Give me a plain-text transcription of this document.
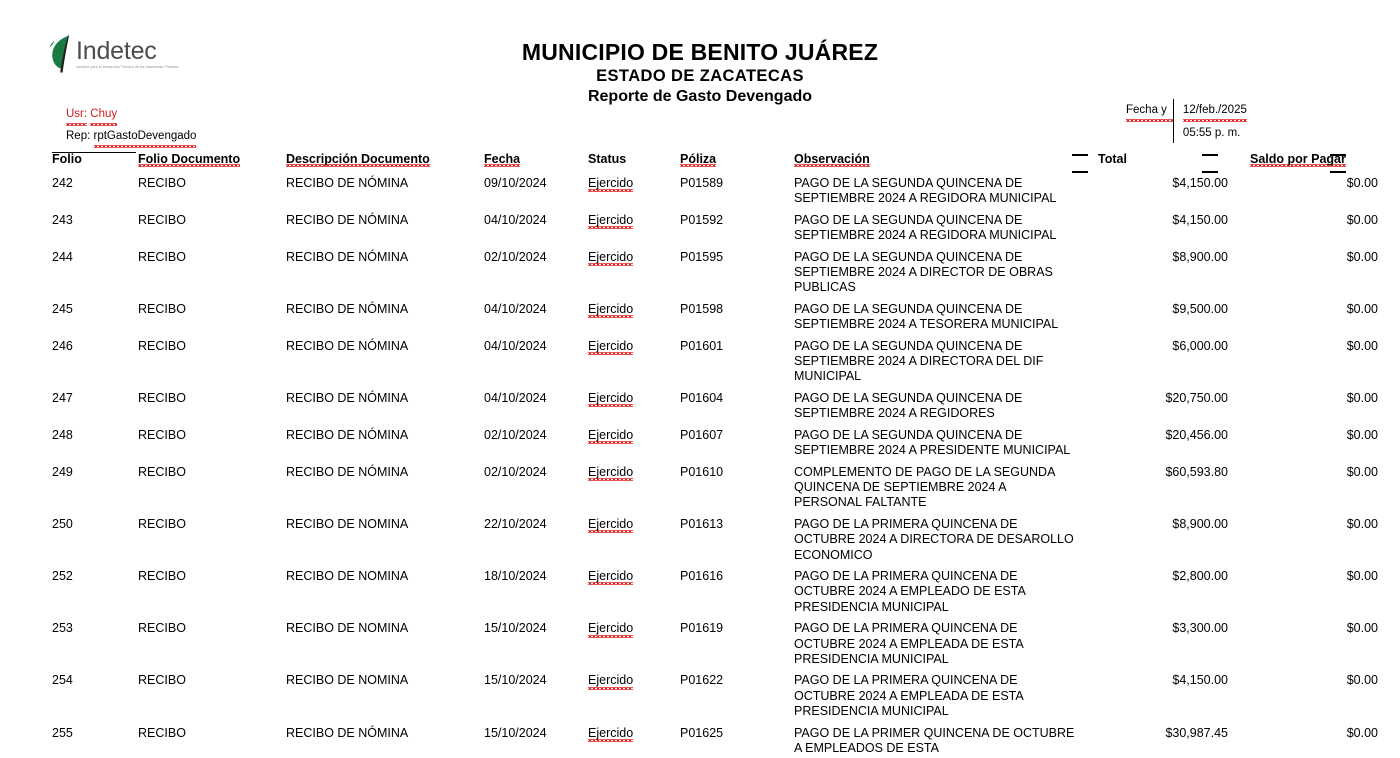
Indetec
Instituto para el Desarrollo Técnico de las Haciendas Públicas
Usr: Chuy
Rep: rptGastoDevengado
MUNICIPIO DE BENITO JUÁREZ
ESTADO DE ZACATECAS
Reporte de Gasto Devengado
Fecha y	12/feb./2025
05:55 p. m.
Folio	Folio Documento	Descripción Documento	Fecha	Status	Póliza	Observación		Total		Saldo por Pagar
242	RECIBO	RECIBO DE NÓMINA	09/10/2024	Ejercido	P01589	PAGO DE LA SEGUNDA QUINCENA DE SEPTIEMBRE 2024 A REGIDORA MUNICIPAL		$4,150.00		$0.00
243	RECIBO	RECIBO DE NÓMINA	04/10/2024	Ejercido	P01592	PAGO DE LA SEGUNDA QUINCENA DE SEPTIEMBRE 2024 A REGIDORA MUNICIPAL		$4,150.00		$0.00
244	RECIBO	RECIBO DE NÓMINA	02/10/2024	Ejercido	P01595	PAGO DE LA SEGUNDA QUINCENA DE SEPTIEMBRE 2024 A DIRECTOR DE OBRAS PUBLICAS		$8,900.00		$0.00
245	RECIBO	RECIBO DE NÓMINA	04/10/2024	Ejercido	P01598	PAGO DE LA SEGUNDA QUINCENA DE SEPTIEMBRE 2024 A TESORERA MUNICIPAL		$9,500.00		$0.00
246	RECIBO	RECIBO DE NÓMINA	04/10/2024	Ejercido	P01601	PAGO DE LA SEGUNDA QUINCENA DE SEPTIEMBRE 2024 A DIRECTORA DEL DIF MUNICIPAL		$6,000.00		$0.00
247	RECIBO	RECIBO DE NÓMINA	04/10/2024	Ejercido	P01604	PAGO DE LA SEGUNDA QUINCENA DE SEPTIEMBRE 2024 A REGIDORES		$20,750.00		$0.00
248	RECIBO	RECIBO DE NÓMINA	02/10/2024	Ejercido	P01607	PAGO DE LA SEGUNDA QUINCENA DE SEPTIEMBRE 2024 A PRESIDENTE MUNICIPAL		$20,456.00		$0.00
249	RECIBO	RECIBO DE NÓMINA	02/10/2024	Ejercido	P01610	COMPLEMENTO DE PAGO DE LA SEGUNDA QUINCENA DE SEPTIEMBRE 2024 A PERSONAL FALTANTE		$60,593.80		$0.00
250	RECIBO	RECIBO DE NOMINA	22/10/2024	Ejercido	P01613	PAGO DE LA PRIMERA QUINCENA DE OCTUBRE 2024 A DIRECTORA DE DESAROLLO ECONOMICO		$8,900.00		$0.00
252	RECIBO	RECIBO DE NOMINA	18/10/2024	Ejercido	P01616	PAGO DE LA PRIMERA QUINCENA DE OCTUBRE 2024 A EMPLEADO DE ESTA PRESIDENCIA MUNICIPAL		$2,800.00		$0.00
253	RECIBO	RECIBO DE NOMINA	15/10/2024	Ejercido	P01619	PAGO DE LA PRIMERA QUINCENA DE OCTUBRE 2024 A EMPLEADA DE ESTA PRESIDENCIA MUNICIPAL		$3,300.00		$0.00
254	RECIBO	RECIBO DE NOMINA	15/10/2024	Ejercido	P01622	PAGO DE LA PRIMERA QUINCENA DE OCTUBRE 2024 A EMPLEADA DE ESTA PRESIDENCIA MUNICIPAL		$4,150.00		$0.00
255	RECIBO	RECIBO DE NÓMINA	15/10/2024	Ejercido	P01625	PAGO DE LA PRIMER QUINCENA DE OCTUBRE A EMPLEADOS DE ESTA		$30,987.45		$0.00
